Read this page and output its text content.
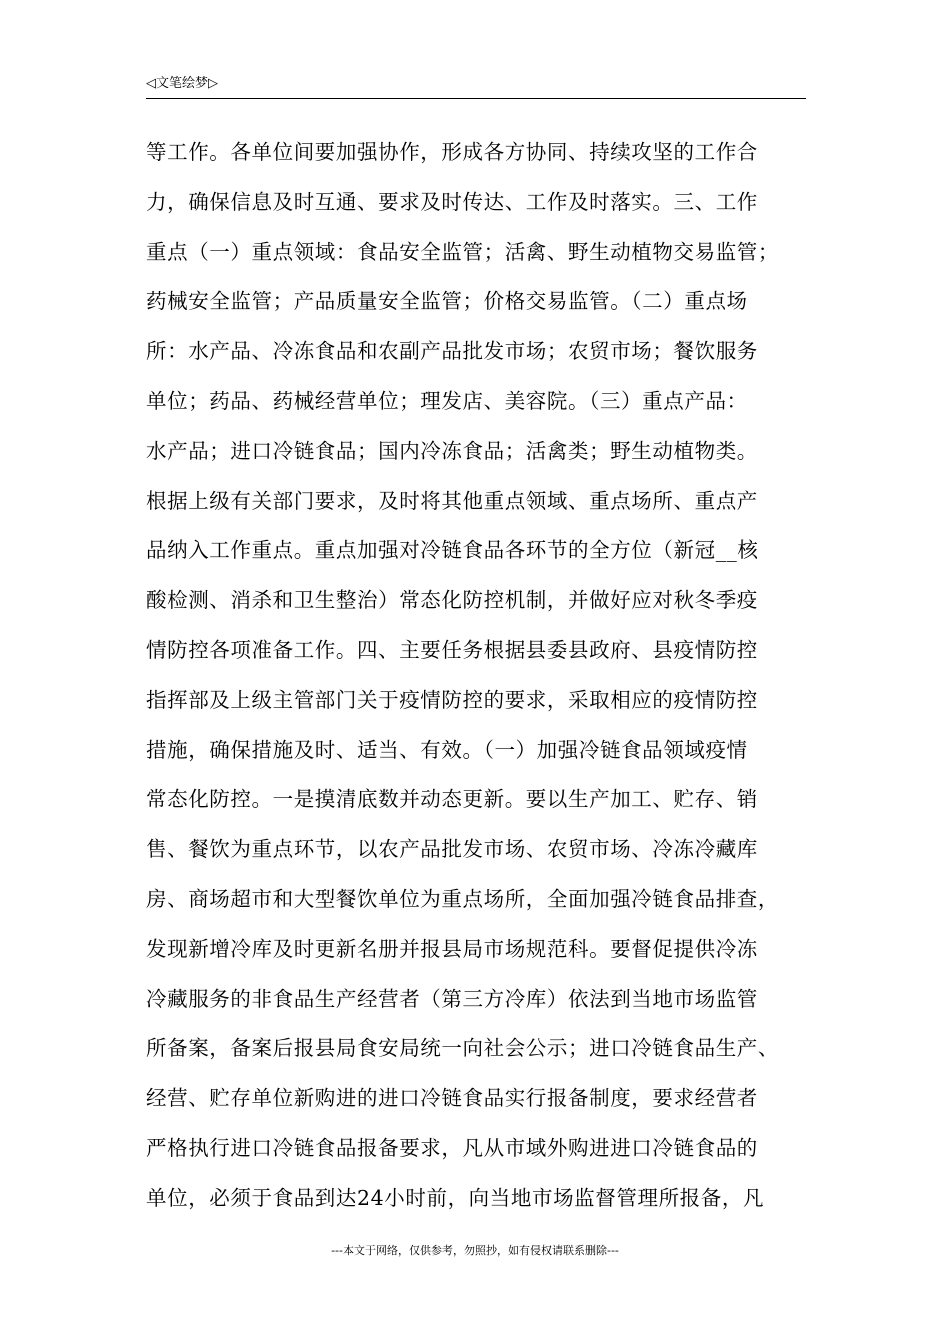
◁文笔绘梦▷
等工作。各单位间要加强协作，形成各方协同、持续攻坚的工作合
力，确保信息及时互通、要求及时传达、工作及时落实。三、工作
重点（一）重点领域：食品安全监管；活禽、野生动植物交易监管；
药械安全监管；产品质量安全监管；价格交易监管。（二）重点场
所：水产品、冷冻食品和农副产品批发市场；农贸市场；餐饮服务
单位；药品、药械经营单位；理发店、美容院。（三）重点产品：
水产品；进口冷链食品；国内冷冻食品；活禽类；野生动植物类。
根据上级有关部门要求，及时将其他重点领域、重点场所、重点产
品纳入工作重点。重点加强对冷链食品各环节的全方位（新冠__核
酸检测、消杀和卫生整治）常态化防控机制，并做好应对秋冬季疫
情防控各项准备工作。四、主要任务根据县委县政府、县疫情防控
指挥部及上级主管部门关于疫情防控的要求，采取相应的疫情防控
措施，确保措施及时、适当、有效。（一）加强冷链食品领域疫情
常态化防控。一是摸清底数并动态更新。要以生产加工、贮存、销
售、餐饮为重点环节，以农产品批发市场、农贸市场、冷冻冷藏库
房、商场超市和大型餐饮单位为重点场所，全面加强冷链食品排查，
发现新增冷库及时更新名册并报县局市场规范科。要督促提供冷冻
冷藏服务的非食品生产经营者（第三方冷库）依法到当地市场监管
所备案，备案后报县局食安局统一向社会公示；进口冷链食品生产、
经营、贮存单位新购进的进口冷链食品实行报备制度，要求经营者
严格执行进口冷链食品报备要求，凡从市域外购进进口冷链食品的
单位，必须于食品到达24小时前，向当地市场监督管理所报备，凡
---本文于网络，仅供参考，勿照抄，如有侵权请联系删除---
